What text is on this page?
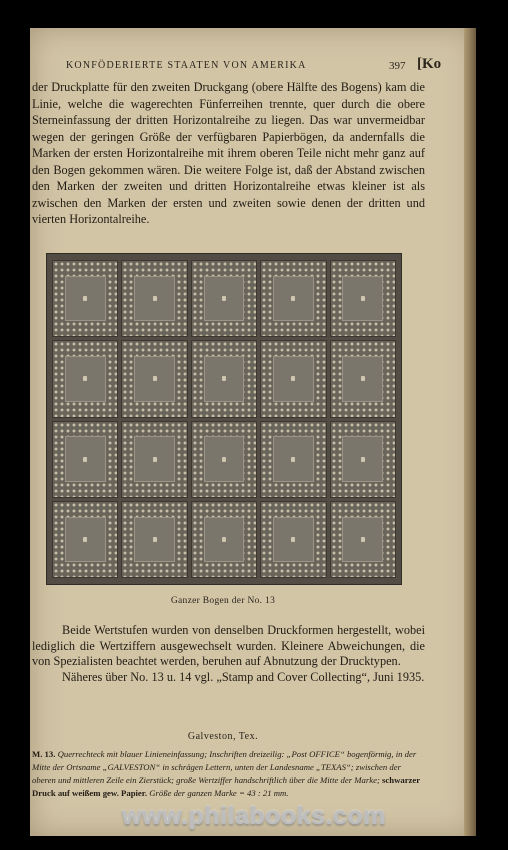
KONFÖDERIERTE STAATEN VON AMERIKA	397 [Ko
der Druckplatte für den zweiten Druckgang (obere Hälfte des Bogens) kam die Linie, welche die wagerechten Fünferreihen trennte, quer durch die obere Sterneinfassung der dritten Horizontalreihe zu liegen. Das war unvermeidbar wegen der geringen Größe der verfügbaren Papierbögen, da andernfalls die Marken der ersten Horizontalreihe mit ihrem oberen Teile nicht mehr ganz auf den Bogen gekommen wären. Die weitere Folge ist, daß der Abstand zwischen den Marken der zweiten und dritten Horizontalreihe etwas kleiner ist als zwischen den Marken der ersten und zweiten sowie denen der dritten und vierten Horizontalreihe.
Ganzer Bogen der No. 13

Beide Wertstufen wurden von denselben Druckformen hergestellt, wobei lediglich die Wertziffern ausgewechselt wurden. Kleinere Abweichungen, die von Spezialisten beachtet werden, beruhen auf Abnutzung der Drucktypen.

Näheres über No. 13 u. 14 vgl. „Stamp and Cover Collecting“, Juni 1935.

Galveston, Tex.
M. 13. Querrechteck mit blauer Linieneinfassung; Inschriften dreizeilig: „Post OFFICE“ bogenförmig, in der Mitte der Ortsname „GALVESTON“ in schrägen Lettern, unten der Landesname „TEXAS“; zwischen der oberen und mittleren Zeile ein Zierstück; große Wertziffer handschriftlich über die Mitte der Marke; schwarzer Druck auf weißem gew. Papier. Größe der ganzen Marke = 43 : 21 mm.
www.philabooks.com
